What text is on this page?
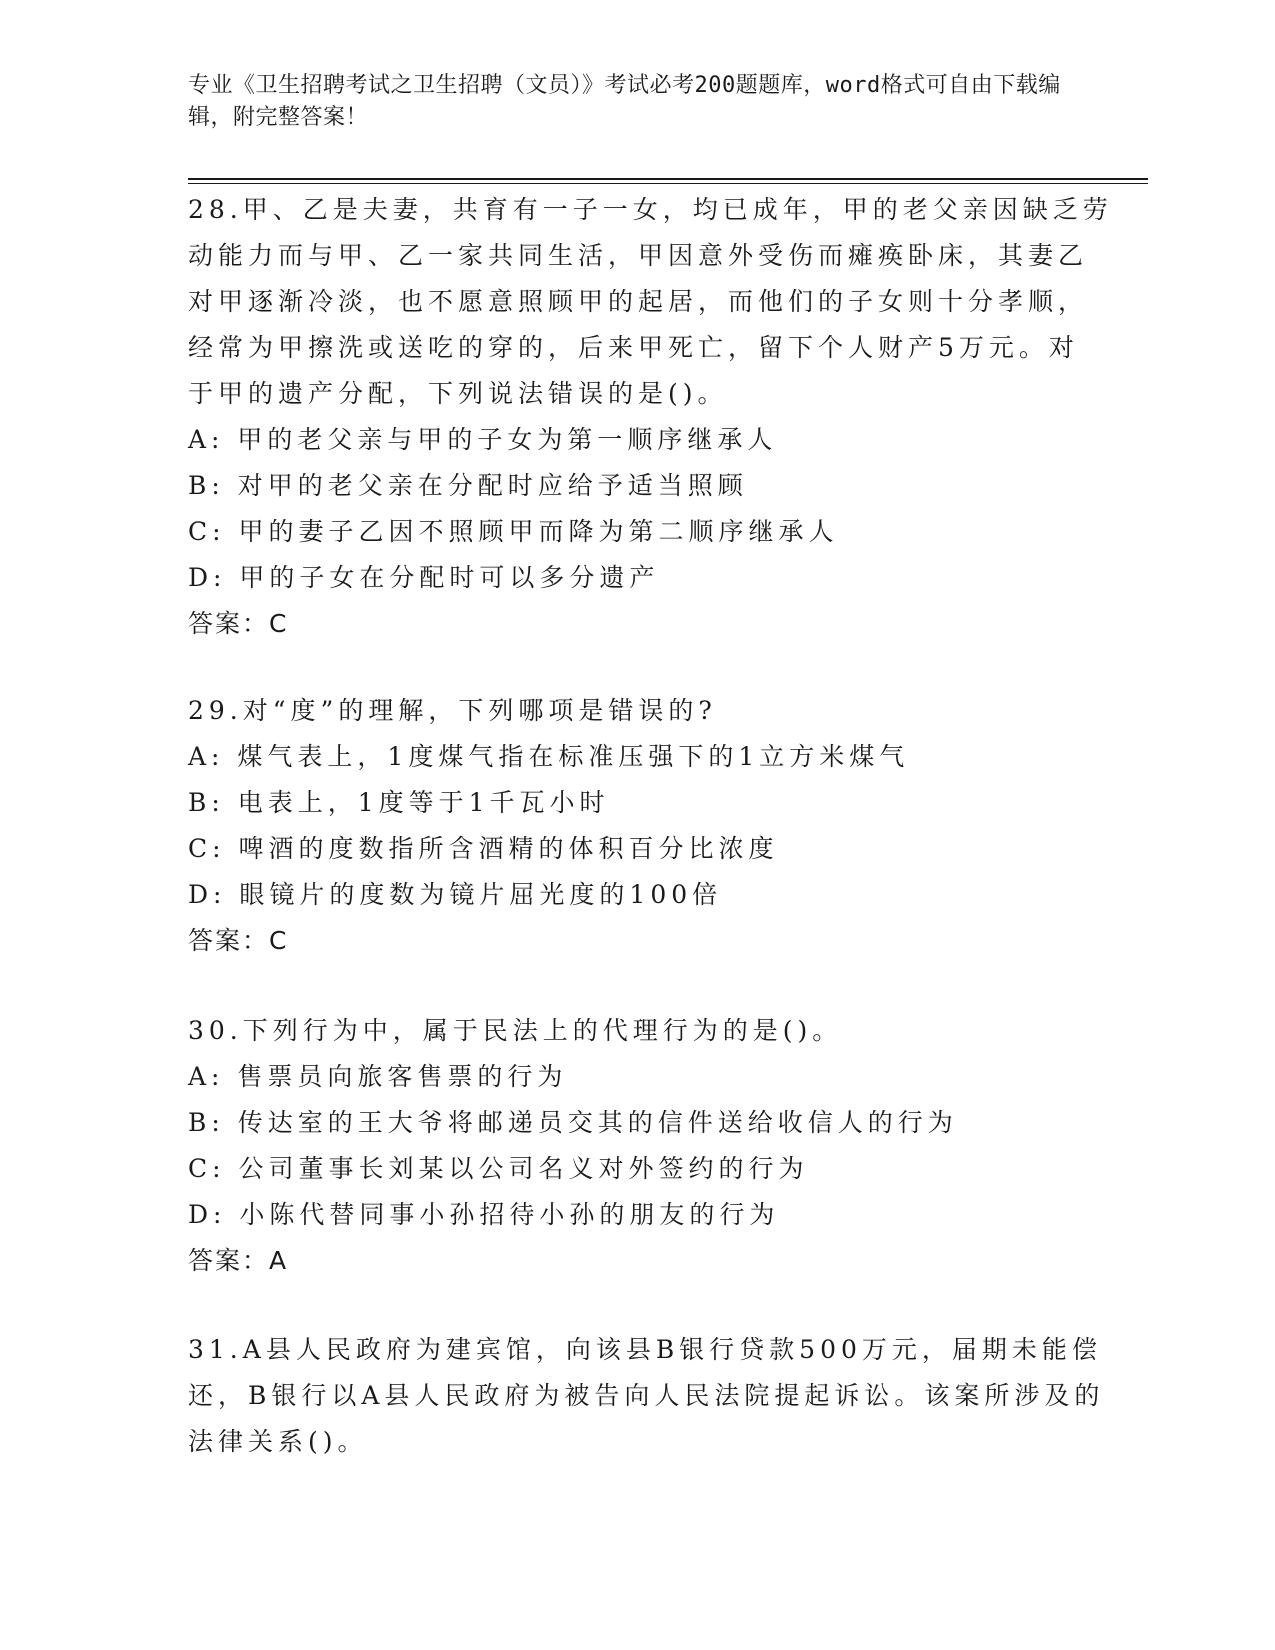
专业《卫生招聘考试之卫生招聘（文员）》考试必考200题题库，word格式可自由下载编辑，附完整答案！
28.甲、乙是夫妻，共育有一子一女，均已成年，甲的老父亲因缺乏劳
动能力而与甲、乙一家共同生活，甲因意外受伤而瘫痪卧床，其妻乙
对甲逐渐冷淡，也不愿意照顾甲的起居，而他们的子女则十分孝顺，
经常为甲擦洗或送吃的穿的，后来甲死亡，留下个人财产5万元。对
于甲的遗产分配，下列说法错误的是()。
A: 甲的老父亲与甲的子女为第一顺序继承人
B: 对甲的老父亲在分配时应给予适当照顾
C: 甲的妻子乙因不照顾甲而降为第二顺序继承人
D: 甲的子女在分配时可以多分遗产
答案：C
29.对“度”的理解，下列哪项是错误的?
A: 煤气表上，1度煤气指在标准压强下的1立方米煤气
B: 电表上，1度等于1千瓦小时
C: 啤酒的度数指所含酒精的体积百分比浓度
D: 眼镜片的度数为镜片屈光度的100倍
答案：C
30.下列行为中，属于民法上的代理行为的是()。
A: 售票员向旅客售票的行为
B: 传达室的王大爷将邮递员交其的信件送给收信人的行为
C: 公司董事长刘某以公司名义对外签约的行为
D: 小陈代替同事小孙招待小孙的朋友的行为
答案：A
31.A县人民政府为建宾馆，向该县B银行贷款500万元，届期未能偿
还，B银行以A县人民政府为被告向人民法院提起诉讼。该案所涉及的
法律关系()。
